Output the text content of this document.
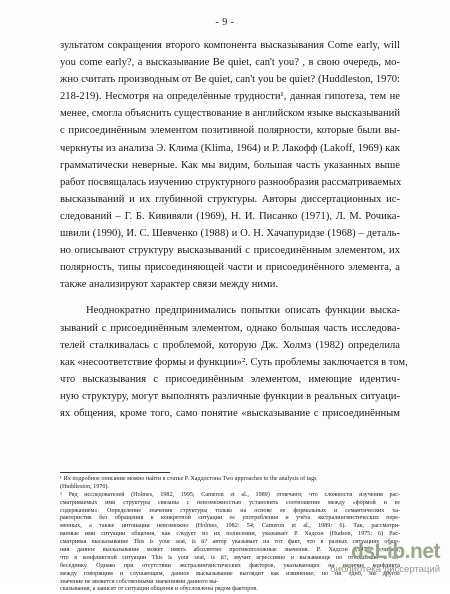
- 9 -
зультатом сокращения второго компонента высказывания Come early, will
you come early?, а высказывание Be quiet, can't you? , в свою очередь, мо-
жно считать производным от Be quiet, can't you be quiet? (Huddleston, 1970:
218-219). Несмотря на определённые трудности¹, данная гипотеза, тем не
менее, смогла объяснить существование в английском языке высказываний
с присоединённым элементом позитивной полярности, которые были вы-
черкнуты из анализа Э. Клима (Klima, 1964) и Р. Лакофф (Lakoff, 1969) как
грамматически неверные. Как мы видим, большая часть указанных выше
работ посвящалась изучению структурного разнообразия рассматриваемых
высказываний и их глубинной структуры. Авторы диссертационных ис-
следований – Г. Б. Кививяли (1969), Н. И. Писанко (1971), Л. М. Рочика-
швили (1990), И. С. Шевченко (1988) и О. Н. Хачапуридзе (1968) – деталь-
но описывают структуру высказываний с присоединённым элементом, их
полярность, типы присоединяющей части и присоединённого элемента, а
также анализируют характер связи между ними.
Неоднократно предпринимались попытки описать функции выска-
зываний с присоединённым элементом, однако большая часть исследова-
телей сталкивалась с проблемой, которую Дж. Холмз (1982) определила
как «несоответствие формы и функции»². Суть проблемы заключается в том,
что высказывания с присоединённым элементом, имеющие идентич-
ную структуру, могут выполнять различные функции в реальных ситуаци-
ях общения, кроме того, само понятие «высказывание с присоединённым
¹ Их подробное описание можно найти в статье Р. Хаддлстона Two approaches to the analysis of tags
(Huddleston, 1970).
² Ряд исследователей (Holmes, 1982, 1995; Cameron et al., 1989) отмечают, что сложности изучения рас-
сматриваемых ими структуры связаны с невозможностью установить соотношение между «формой и ее
содержанием». Определение значения структуры только на основе ее формальных и семантических ха-
рактеристик без обращения к конкретной ситуации ее употребления и учёта экстралингвистических пере-
менных, а также интонации невозможно (Holmes, 1982: 54; Cameron et al., 1989: 6). Так, рассматри-
ваемые ими ситуации общения, как следует из их полисемии, указывает Р. Хадсон (Hudson, 1975: 6) Рас-
сматривая высказывание This is your seat, is it? автор указывает на тот факт, что в разных ситуациях обще-
ния данное высказывание может иметь абсолютно противоположные значения. Р. Хадсон (1975) считает,
что в конфликтной ситуации This is your seat, is it?, звучит агрессивно и вызывающе по отношению к со-
беседнику. Однако при отсутствии экстралингвистических факторов, указывающих на наличие конфликта
между говорящим и слушающим, данное высказывание выглядит как извинение; но ни одно, ни другое
значение не является собственными значениями данного вы-
сказывания, а зависят от ситуации общения и обусловлены рядом факторов.
dsLib.net
библиотека диссертаций
